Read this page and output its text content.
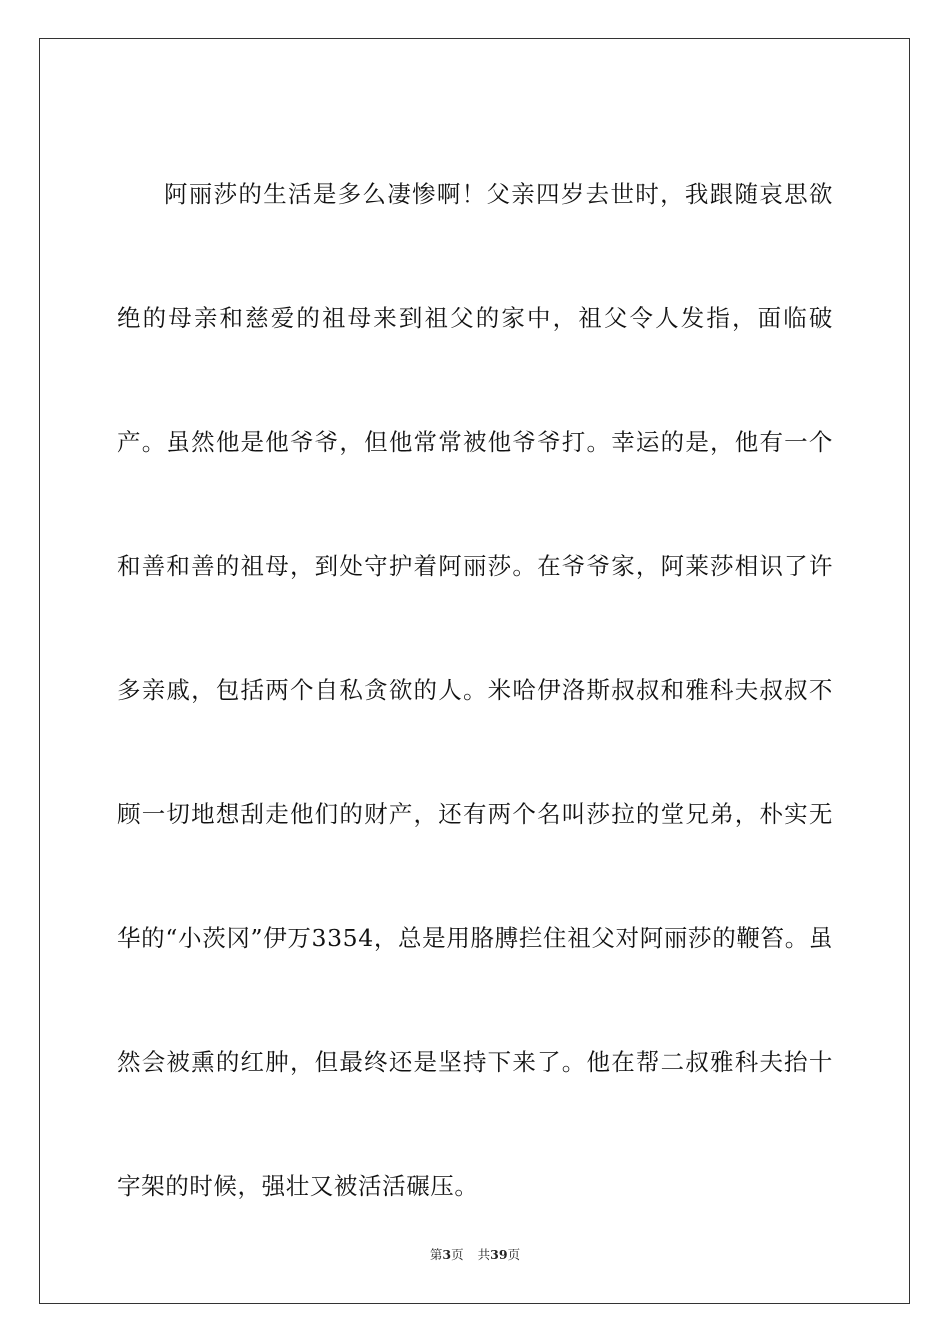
阿丽莎的生活是多么凄惨啊！父亲四岁去世时，我跟随哀思欲绝的母亲和慈爱的祖母来到祖父的家中，祖父令人发指，面临破产。虽然他是他爷爷，但他常常被他爷爷打。幸运的是，他有一个和善和善的祖母，到处守护着阿丽莎。在爷爷家，阿莱莎相识了许多亲戚，包括两个自私贪欲的人。米哈伊洛斯叔叔和雅科夫叔叔不顾一切地想刮走他们的财产，还有两个名叫莎拉的堂兄弟，朴实无华的“小茨冈”伊万3354，总是用胳膊拦住祖父对阿丽莎的鞭笞。虽然会被熏的红肿，但最终还是坚持下来了。他在帮二叔雅科夫抬十字架的时候，强壮又被活活碾压。

第3页 共39页
